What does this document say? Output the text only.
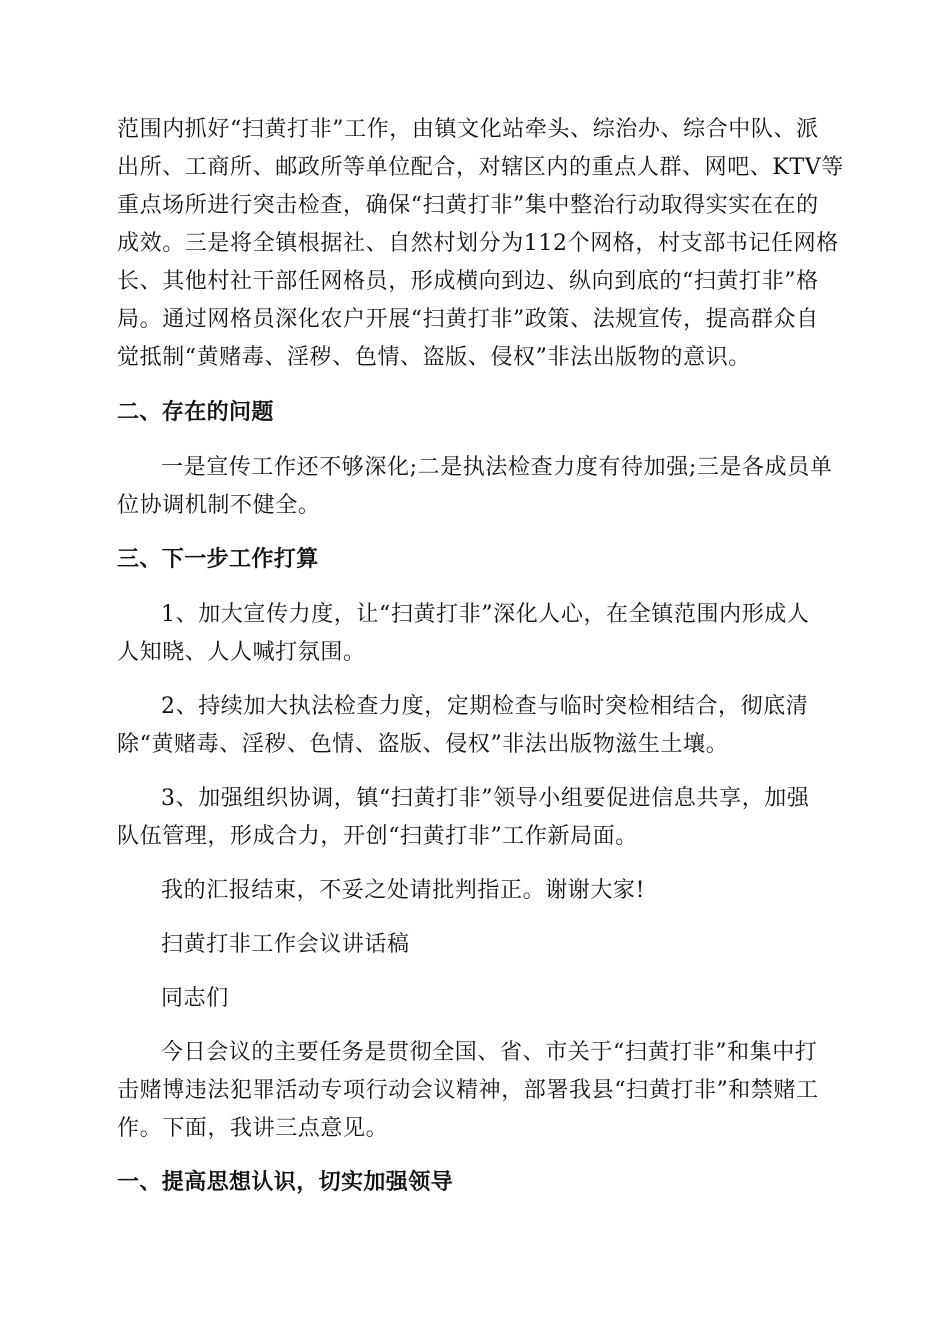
范围内抓好“扫黄打非”工作，由镇文化站牵头、综治办、综合中队、派
出所、工商所、邮政所等单位配合，对辖区内的重点人群、网吧、KTV等
重点场所进行突击检查，确保“扫黄打非”集中整治行动取得实实在在的
成效。三是将全镇根据社、自然村划分为112个网格，村支部书记任网格
长、其他村社干部任网格员，形成横向到边、纵向到底的“扫黄打非”格
局。通过网格员深化农户开展“扫黄打非”政策、法规宣传，提高群众自
觉抵制“黄赌毒、淫秽、色情、盗版、侵权”非法出版物的意识。
二、存在的问题
一是宣传工作还不够深化;二是执法检查力度有待加强;三是各成员单
位协调机制不健全。
三、下一步工作打算
1、加大宣传力度，让“扫黄打非”深化人心，在全镇范围内形成人
人知晓、人人喊打氛围。
2、持续加大执法检查力度，定期检查与临时突检相结合，彻底清
除“黄赌毒、淫秽、色情、盗版、侵权”非法出版物滋生土壤。
3、加强组织协调，镇“扫黄打非”领导小组要促进信息共享，加强
队伍管理，形成合力，开创“扫黄打非”工作新局面。
我的汇报结束，不妥之处请批判指正。谢谢大家!
扫黄打非工作会议讲话稿
同志们
今日会议的主要任务是贯彻全国、省、市关于“扫黄打非”和集中打
击赌博违法犯罪活动专项行动会议精神，部署我县“扫黄打非”和禁赌工
作。下面，我讲三点意见。
一、提高思想认识，切实加强领导
